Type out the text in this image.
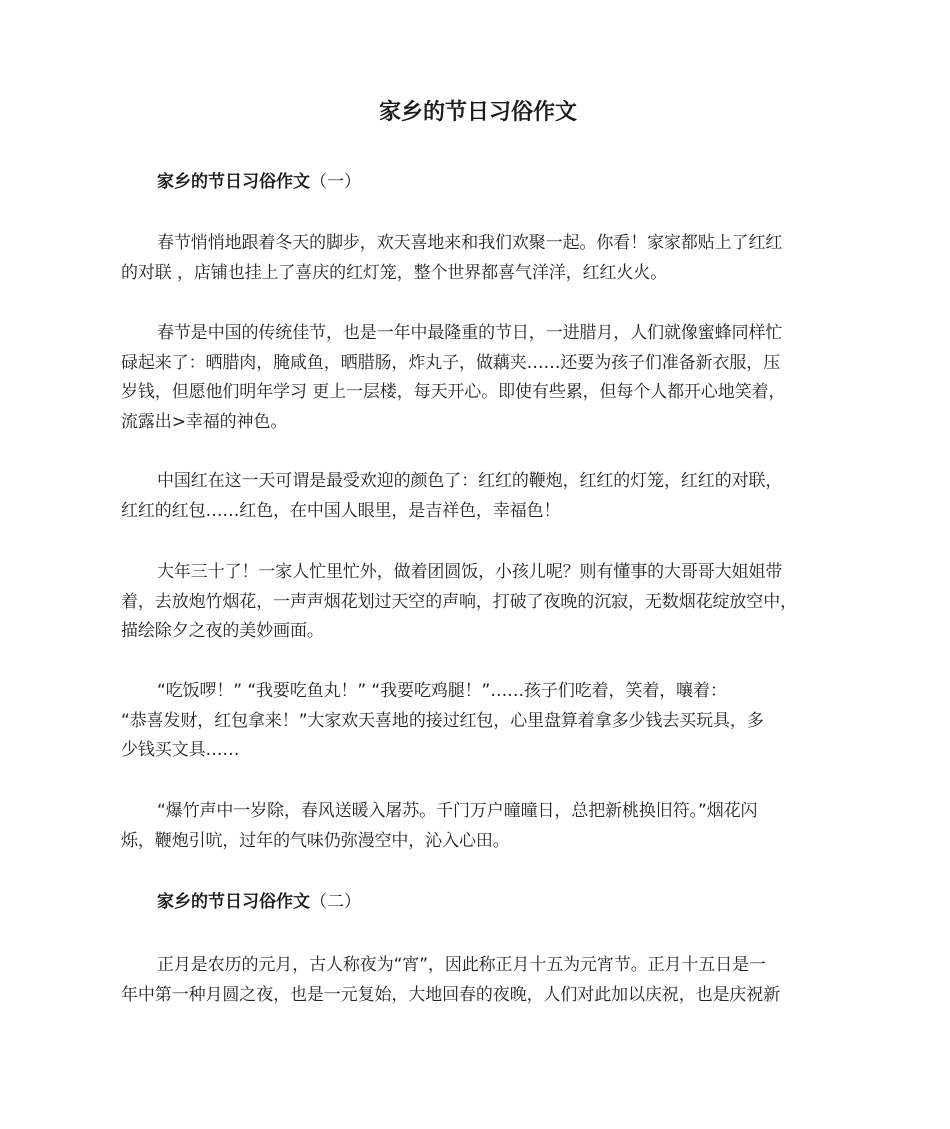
家乡的节日习俗作文
家乡的节日习俗作文（一）
春节悄悄地跟着冬天的脚步，欢天喜地来和我们欢聚一起。你看！家家都贴上了红红
的对联 ，店铺也挂上了喜庆的红灯笼，整个世界都喜气洋洋，红红火火。
春节是中国的传统佳节，也是一年中最隆重的节日，一进腊月，人们就像蜜蜂同样忙
碌起来了：晒腊肉，腌咸鱼，晒腊肠，炸丸子，做藕夹……还要为孩子们准备新衣服，压
岁钱，但愿他们明年学习 更上一层楼，每天开心。即使有些累，但每个人都开心地笑着，
流露出>幸福的神色。
中国红在这一天可谓是最受欢迎的颜色了：红红的鞭炮，红红的灯笼，红红的对联，
红红的红包……红色，在中国人眼里，是吉祥色，幸福色！
大年三十了！一家人忙里忙外，做着团圆饭，小孩儿呢？则有懂事的大哥哥大姐姐带
着，去放炮竹烟花，一声声烟花划过天空的声响，打破了夜晚的沉寂，无数烟花绽放空中，
描绘除夕之夜的美妙画面。
“吃饭啰！” “我要吃鱼丸！” “我要吃鸡腿！”……孩子们吃着，笑着，嚷着：
“恭喜发财，红包拿来！”大家欢天喜地的接过红包，心里盘算着拿多少钱去买玩具，多
少钱买文具……
“爆竹声中一岁除，春风送暖入屠苏。千门万户曈曈日，总把新桃换旧符。”烟花闪
烁，鞭炮引吭，过年的气味仍弥漫空中，沁入心田。
家乡的节日习俗作文（二）
正月是农历的元月，古人称夜为“宵”，因此称正月十五为元宵节。正月十五日是一
年中第一种月圆之夜，也是一元复始，大地回春的夜晚，人们对此加以庆祝，也是庆祝新
